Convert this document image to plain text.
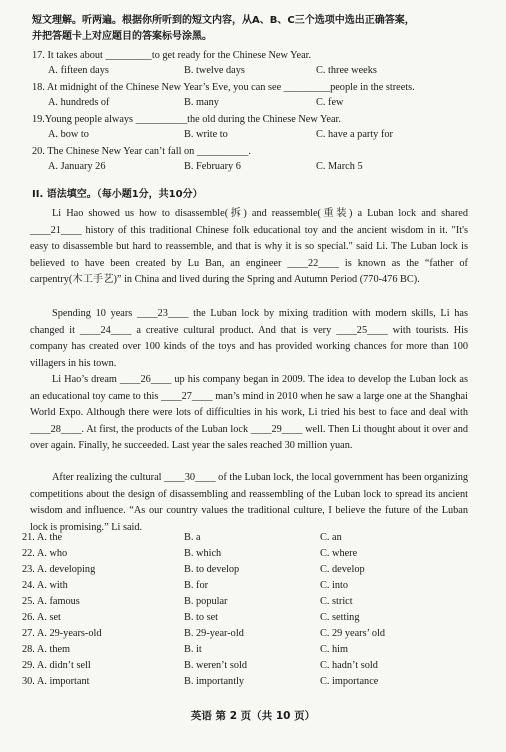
短文理解。听两遍。根据你所听到的短文内容，从A、B、C三个选项中选出正确答案，
并把答题卡上对应题目的答案标号涂黑。
17. It takes about _________to get ready for the Chinese New Year.
A. fifteen days	B. twelve days	C. three weeks
18. At midnight of the Chinese New Year’s Eve, you can see _________people in the streets.
A. hundreds of	B. many	C. few
19.Young people always __________the old during the Chinese New Year.
A. bow to	B. write to	C. have a party for
20. The Chinese New Year can’t fall on __________.
A. January 26	B. February 6	C. March 5
II. 语法填空。（每小题1分，共10分）
Li Hao showed us how to disassemble(拆) and reassemble(重装) a Luban lock and shared ____21____ history of this traditional Chinese folk educational toy and the ancient wisdom in it. "It's easy to disassemble but hard to reassemble, and that is why it is so special." said Li. The Luban lock is believed to have been created by Lu Ban, an engineer ____22____ is known as the “father of carpentry(木工手艺)” in China and lived during the Spring and Autumn Period (770-476 BC).
Spending 10 years ____23____ the Luban lock by mixing tradition with modern skills, Li has changed it ____24____ a creative cultural product. And that is very ____25____ with tourists. His company has created over 100 kinds of the toys and has provided working chances for more than 100 villagers in his town.
Li Hao’s dream ____26____ up his company began in 2009. The idea to develop the Luban lock as an educational toy came to this ____27____ man’s mind in 2010 when he saw a large one at the Shanghai World Expo. Although there were lots of difficulties in his work, Li tried his best to face and deal with ____28____. At first, the products of the Luban lock ____29____ well. Then Li thought about it over and over again. Finally, he succeeded. Last year the sales reached 30 million yuan.
After realizing the cultural ____30____ of the Luban lock, the local government has been organizing competitions about the design of disassembling and reassembling of the Luban lock to spread its ancient wisdom and influence. “As our country values the traditional culture, I believe the future of the Luban lock is promising.” Li said.
21. A. the	B. a	C. an
22. A. who	B. which	C. where
23. A. developing	B. to develop	C. develop
24. A. with	B. for	C. into
25. A. famous	B. popular	C. strict
26. A. set	B. to set	C. setting
27. A. 29-years-old	B. 29-year-old	C. 29 years’ old
28. A. them	B. it	C. him
29. A. didn’t sell	B. weren’t sold	C. hadn’t sold
30. A. important	B. importantly	C. importance
英语 第 2 页（共 10 页）
